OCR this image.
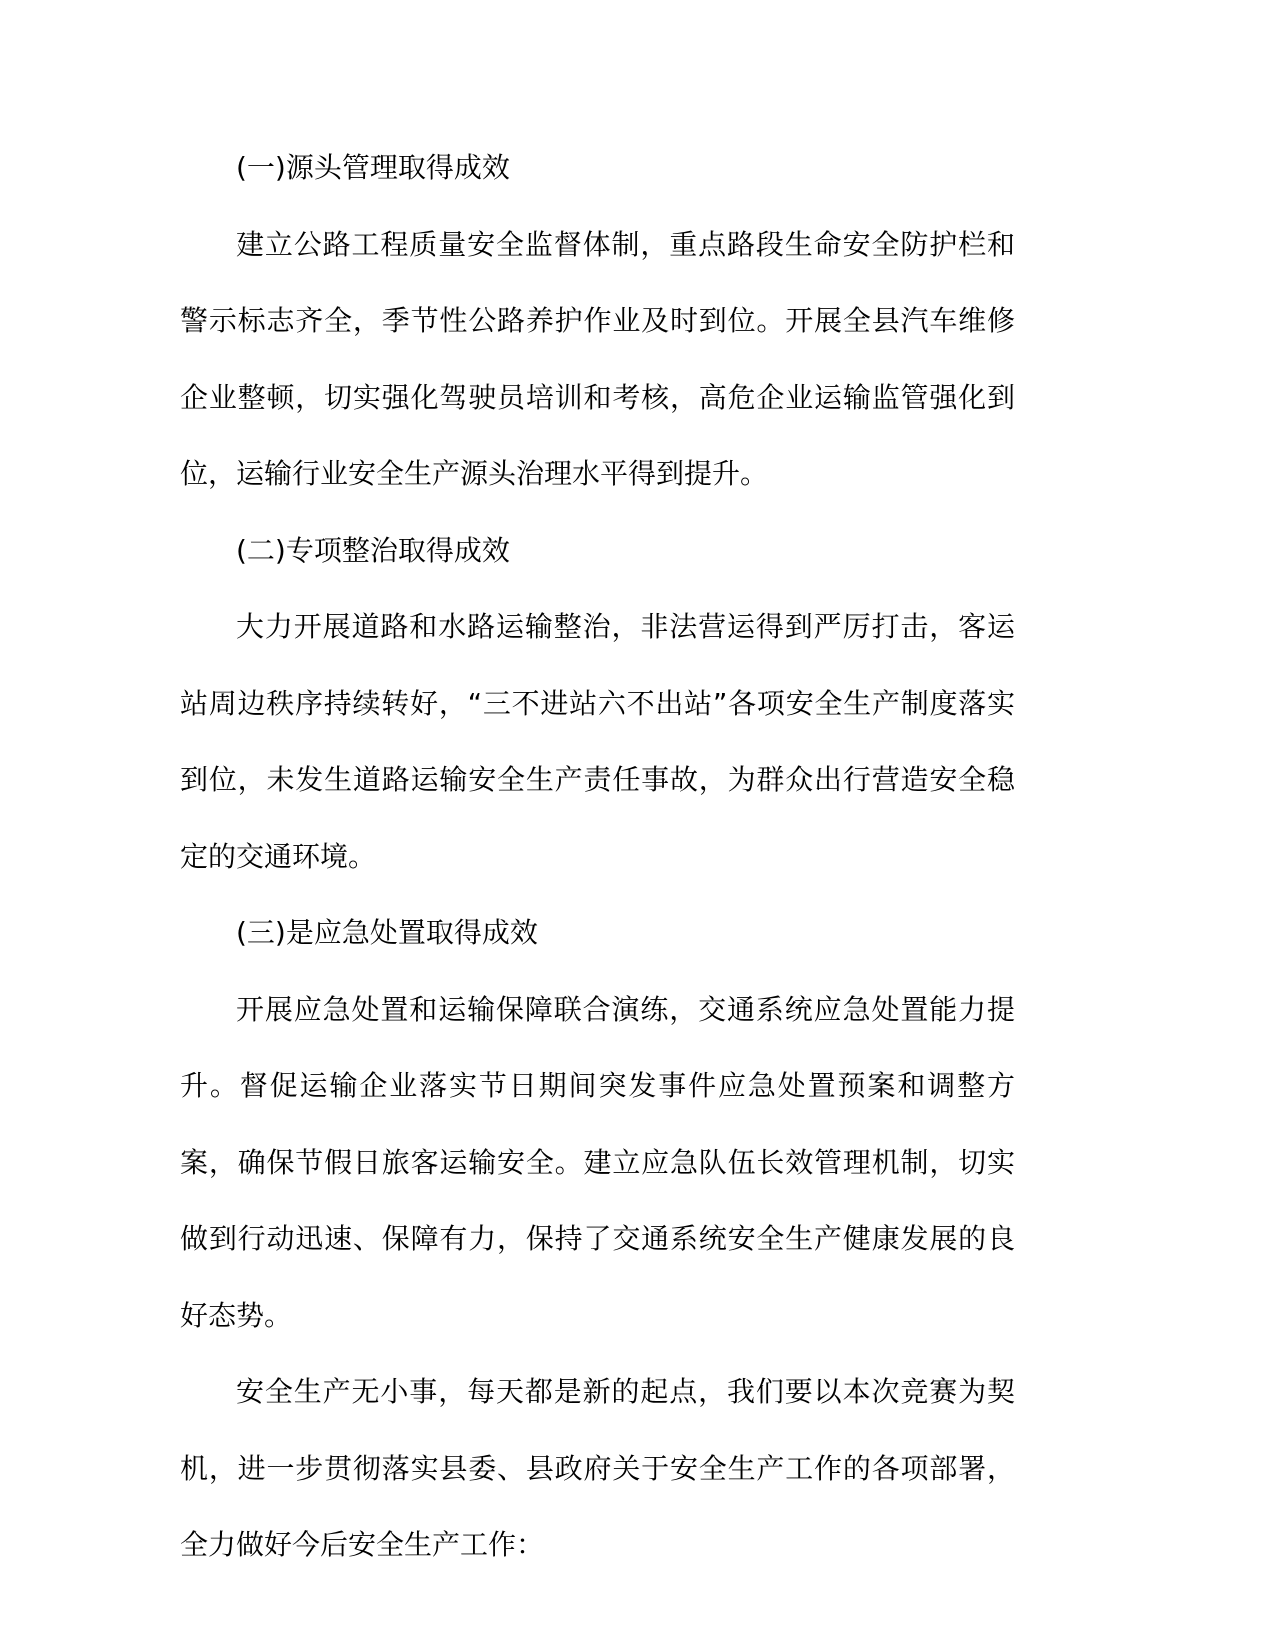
(一)源头管理取得成效

建立公路工程质量安全监督体制，重点路段生命安全防护栏和警示标志齐全，季节性公路养护作业及时到位。开展全县汽车维修企业整顿，切实强化驾驶员培训和考核，高危企业运输监管强化到位，运输行业安全生产源头治理水平得到提升。

(二)专项整治取得成效

大力开展道路和水路运输整治，非法营运得到严厉打击，客运站周边秩序持续转好，“三不进站六不出站”各项安全生产制度落实到位，未发生道路运输安全生产责任事故，为群众出行营造安全稳定的交通环境。

(三)是应急处置取得成效

开展应急处置和运输保障联合演练，交通系统应急处置能力提升。督促运输企业落实节日期间突发事件应急处置预案和调整方案，确保节假日旅客运输安全。建立应急队伍长效管理机制，切实做到行动迅速、保障有力，保持了交通系统安全生产健康发展的良好态势。

安全生产无小事，每天都是新的起点，我们要以本次竞赛为契机，进一步贯彻落实县委、县政府关于安全生产工作的各项部署，全力做好今后安全生产工作：
